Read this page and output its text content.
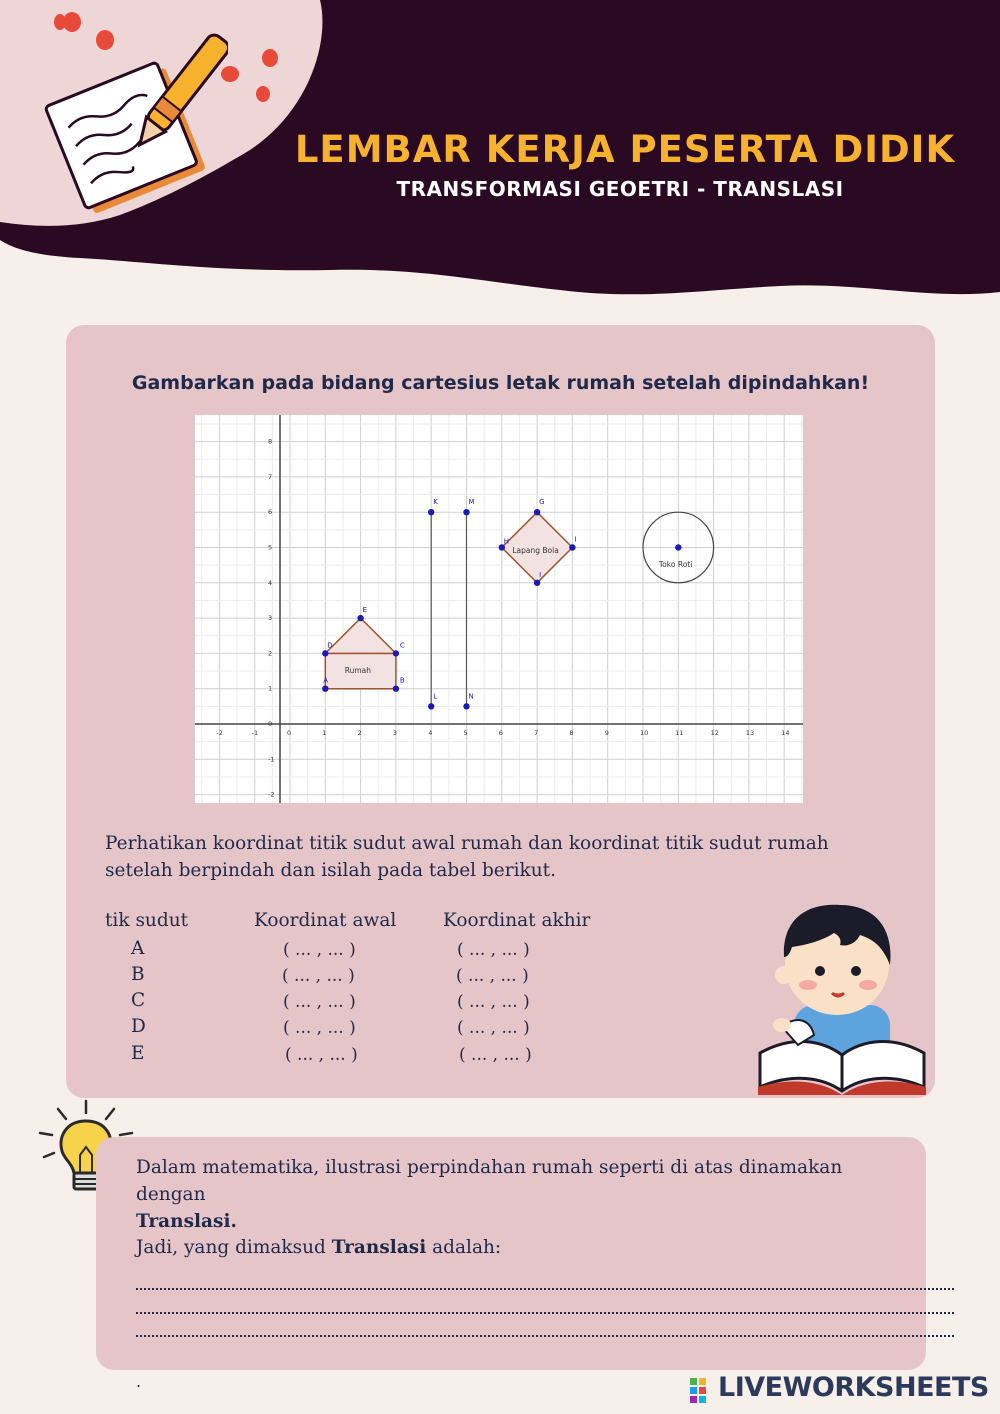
LEMBAR KERJA PESERTA DIDIK
TRANSFORMASI GEOETRI - TRANSLASI
Gambarkan pada bidang cartesius letak rumah setelah dipindahkan!
-2	-1	0	1	2	3	4	5	6	7	8	9	10	11	12	13	14
8
7
6
5
4
3
2
1
0
-1
-2
A	B
C
D
E
K
L
M
N
G
H
I
I
Rumah
Lapang Bola
Toko Roti
Perhatikan koordinat titik sudut awal rumah dan koordinat titik sudut rumah setelah berpindah dan isilah pada tabel berikut.
tik sudut	Koordinat awal	Koordinat akhir
A	( ... , ... )	( ... , ... )
B	( ... , ... )	( ... , ... )
C	( ... , ... )	( ... , ... )
D	( ... , ... )	( ... , ... )
E	( ... , ... )	( ... , ... )
Dalam matematika, ilustrasi perpindahan rumah seperti di atas dinamakan
dengan
Translasi.
Jadi, yang dimaksud Translasi adalah:
.	LIVEWORKSHEETS
